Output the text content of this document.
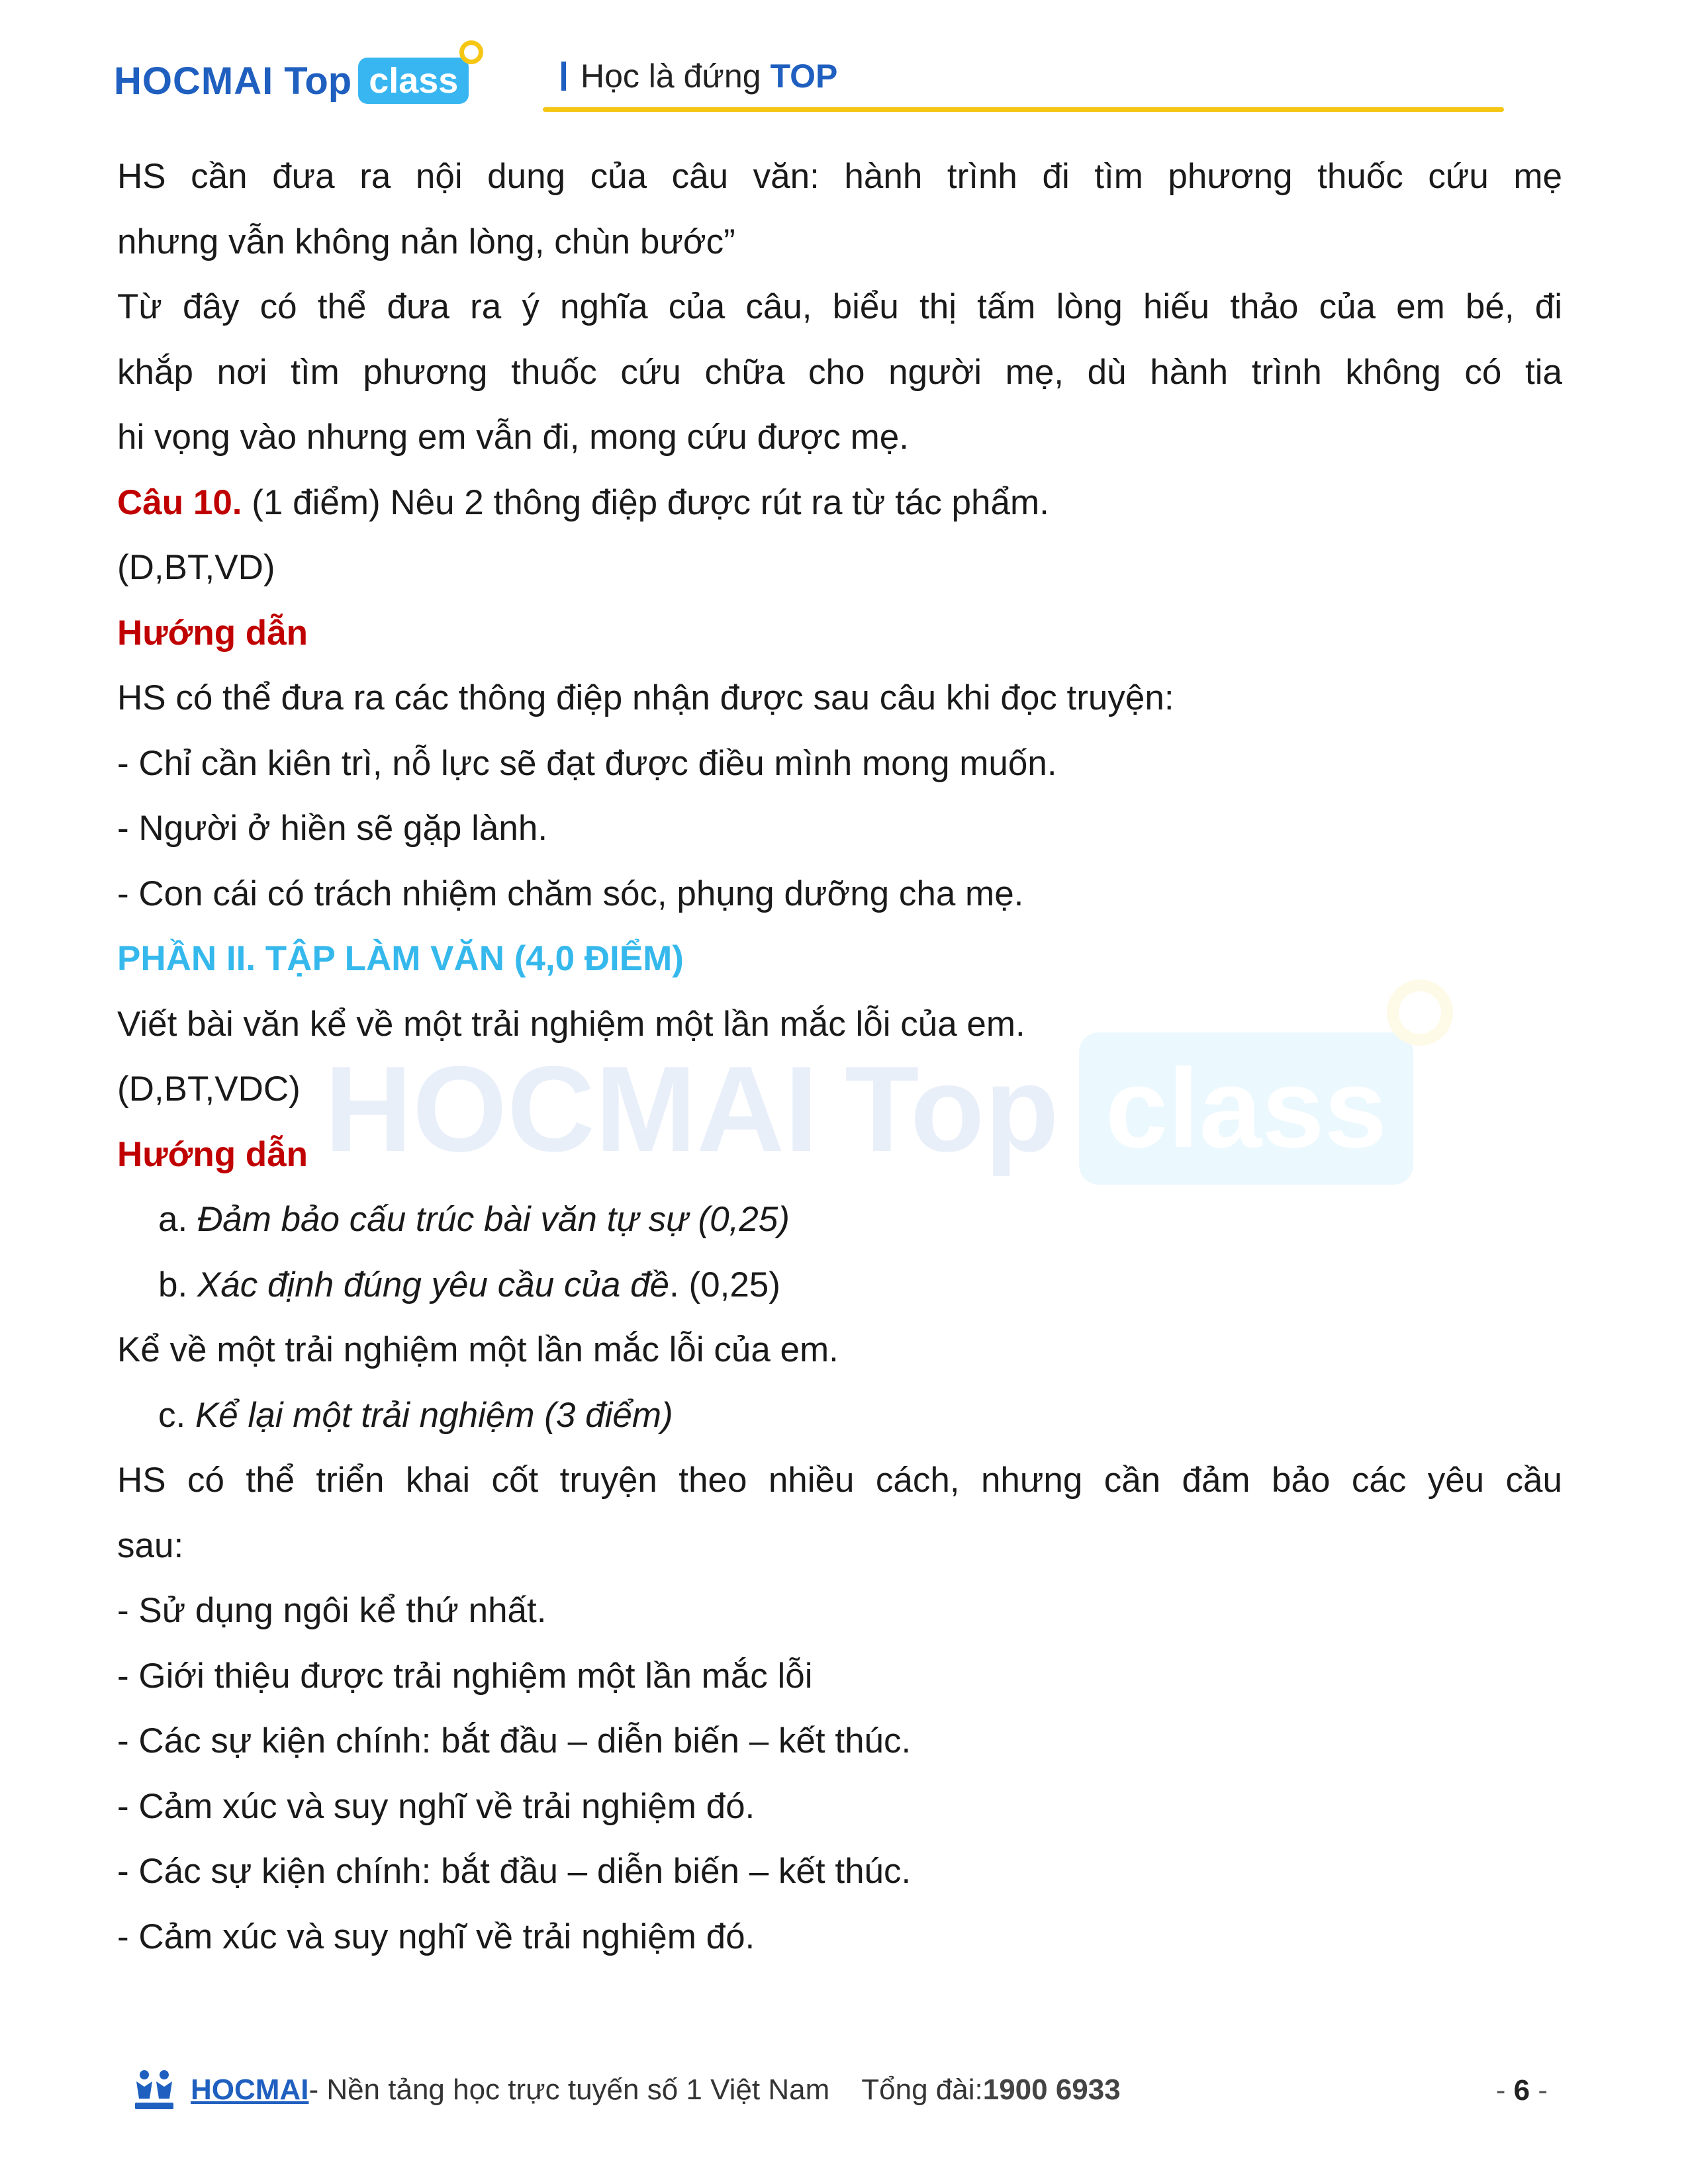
HOCMAI Top class	Học là đứng TOP
HOCMAI Top class

HS cần đưa ra nội dung của câu văn: hành trình đi tìm phương thuốc cứu mẹ

nhưng vẫn không nản lòng, chùn bước”

Từ đây có thể đưa ra ý nghĩa của câu, biểu thị tấm lòng hiếu thảo của em bé, đi

khắp nơi tìm phương thuốc cứu chữa cho người mẹ, dù hành trình không có tia

hi vọng vào nhưng em vẫn đi, mong cứu được mẹ.

Câu 10. (1 điểm) Nêu 2 thông điệp được rút ra từ tác phẩm.

(D,BT,VD)

Hướng dẫn

HS có thể đưa ra các thông điệp nhận được sau câu khi đọc truyện:

- Chỉ cần kiên trì, nỗ lực sẽ đạt được điều mình mong muốn.

- Người ở hiền sẽ gặp lành.

- Con cái có trách nhiệm chăm sóc, phụng dưỡng cha mẹ.

PHẦN II. TẬP LÀM VĂN (4,0 ĐIỂM)

Viết bài văn kể về một trải nghiệm một lần mắc lỗi của em.

(D,BT,VDC)

Hướng dẫn

a. Đảm bảo cấu trúc bài văn tự sự (0,25)

b. Xác định đúng yêu cầu của đề. (0,25)

Kể về một trải nghiệm một lần mắc lỗi của em.

c. Kể lại một trải nghiệm (3 điểm)

HS có thể triển khai cốt truyện theo nhiều cách, nhưng cần đảm bảo các yêu cầu

sau:

- Sử dụng ngôi kể thứ nhất.

- Giới thiệu được trải nghiệm một lần mắc lỗi

- Các sự kiện chính: bắt đầu – diễn biến – kết thúc.

- Cảm xúc và suy nghĩ về trải nghiệm đó.

- Các sự kiện chính: bắt đầu – diễn biến – kết thúc.

- Cảm xúc và suy nghĩ về trải nghiệm đó.

HOCMAI - Nền tảng học trực tuyến số 1 Việt Nam Tổng đài: 1900 6933	- 6 -
